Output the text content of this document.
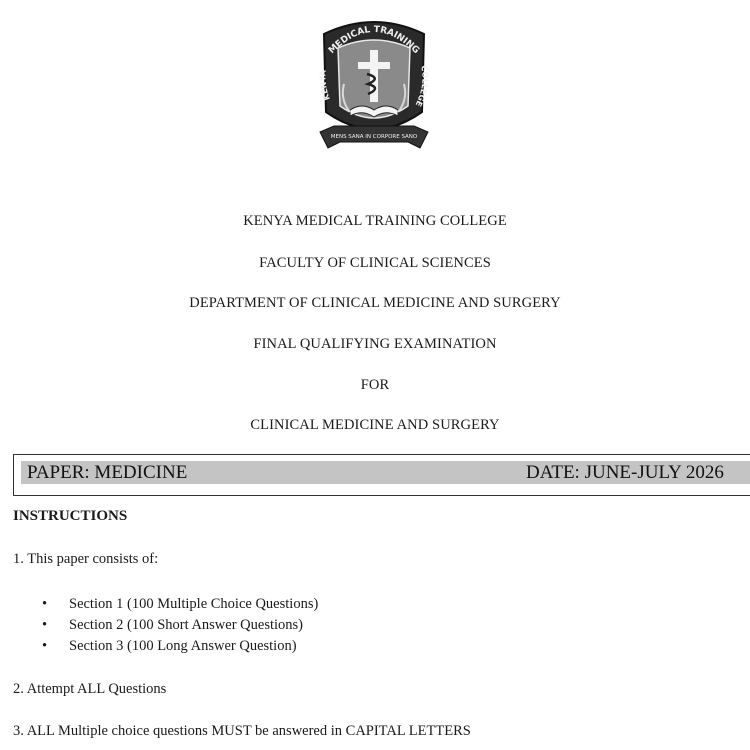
MEDICAL TRAINING
KENYA
COLLEGE
MENS SANA IN CORPORE SANO
KENYA MEDICAL TRAINING COLLEGE
FACULTY OF CLINICAL SCIENCES
DEPARTMENT OF CLINICAL MEDICINE AND SURGERY
FINAL QUALIFYING EXAMINATION
FOR
CLINICAL MEDICINE AND SURGERY
PAPER: MEDICINE	DATE: JUNE-JULY 2026
INSTRUCTIONS
1. This paper consists of:
• Section 1 (100 Multiple Choice Questions)
• Section 2 (100 Short Answer Questions)
• Section 3 (100 Long Answer Question)
2. Attempt ALL Questions
3. ALL Multiple choice questions MUST be answered in CAPITAL LETTERS
